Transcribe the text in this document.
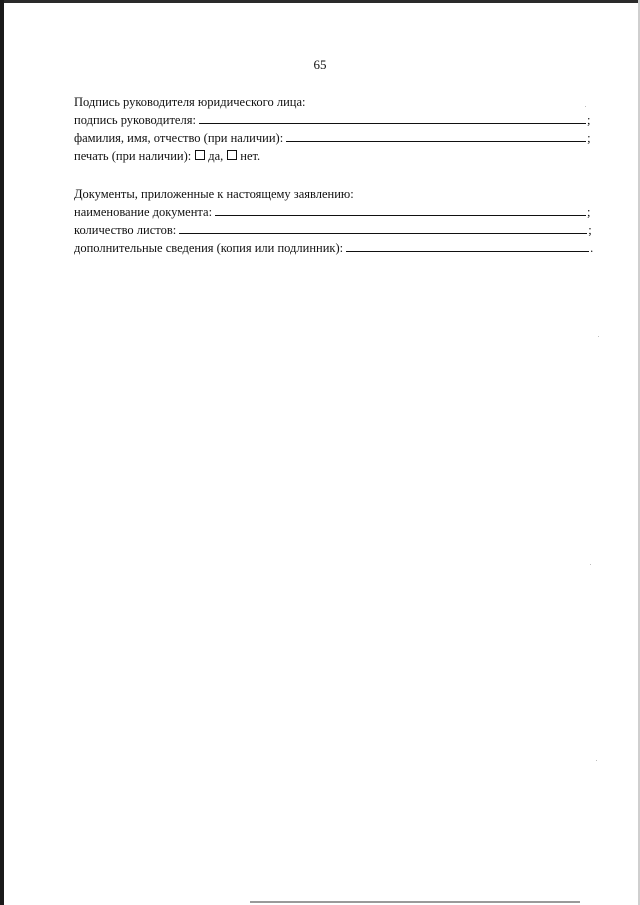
65
Подпись руководителя юридического лица:
подпись руководителя:	;
фамилия, имя, отчество (при наличии):	;
печать (при наличии): да, нет.
Документы, приложенные к настоящему заявлению:
наименование документа:	;
количество листов:	;
дополнительные сведения (копия или подлинник):	.
